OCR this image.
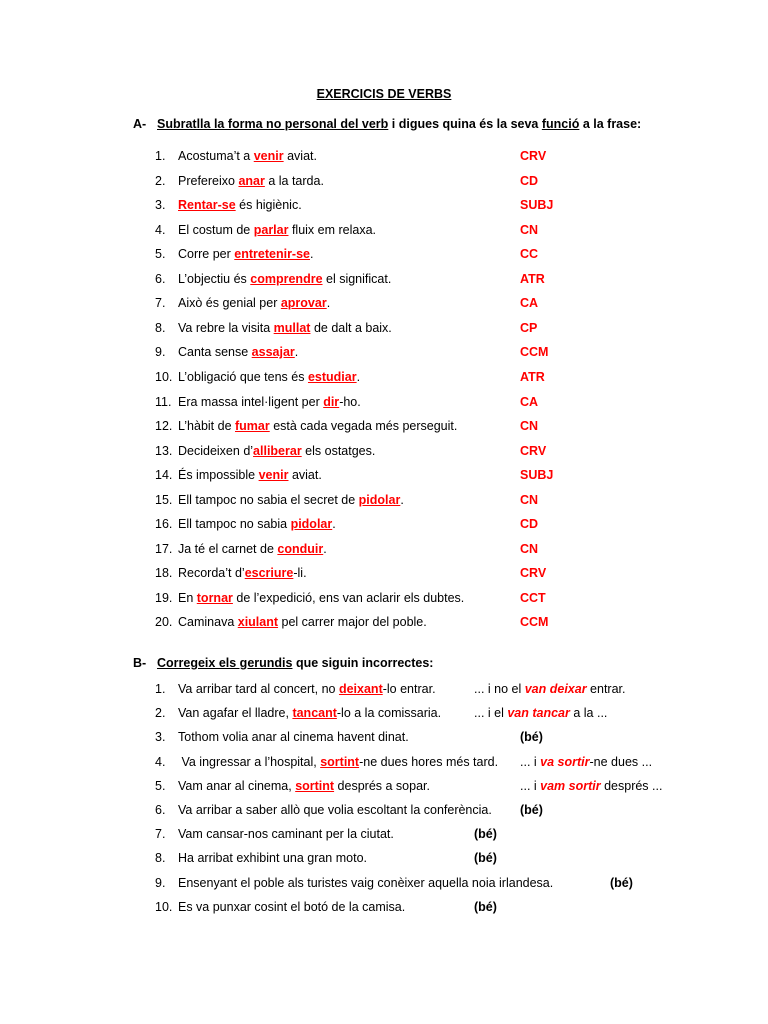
EXERCICIS DE VERBS
A- Subratlla la forma no personal del verb i digues quina és la seva funció a la frase:
1. Acostuma’t a venir aviat.	CRV
2. Prefereixo anar a la tarda.	CD
3. Rentar-se és higiènic.	SUBJ
4. El costum de parlar fluix em relaxa.	CN
5. Corre per entretenir-se.	CC
6. L’objectiu és comprendre el significat.	ATR
7. Això és genial per aprovar.	CA
8. Va rebre la visita mullat de dalt a baix.	CP
9. Canta sense assajar.	CCM
10. L’obligació que tens és estudiar.	ATR
11. Era massa intel·ligent per dir-ho.	CA
12. L’hàbit de fumar està cada vegada més perseguit.	CN
13. Decideixen d’alliberar els ostatges.	CRV
14. És impossible venir aviat.	SUBJ
15. Ell tampoc no sabia el secret de pidolar.	CN
16. Ell tampoc no sabia pidolar.	CD
17. Ja té el carnet de conduir.	CN
18. Recorda’t d’escriure-li.	CRV
19. En tornar de l’expedició, ens van aclarir els dubtes.	CCT
20. Caminava xiulant pel carrer major del poble.	CCM
B- Corregeix els gerundis que siguin incorrectes:
1. Va arribar tard al concert, no deixant-lo entrar.	... i no el van deixar entrar.
2. Van agafar el lladre, tancant-lo a la comissaria.	... i el van tancar a la ...
3. Tothom volia anar al cinema havent dinat.	(bé)
4. Va ingressar a l’hospital, sortint-ne dues hores més tard. ... i va sortir-ne dues ...
5. Vam anar al cinema, sortint després a sopar.	... i vam sortir després ...
6. Va arribar a saber allò que volia escoltant la conferència. (bé)
7. Vam cansar-nos caminant per la ciutat.	(bé)
8. Ha arribat exhibint una gran moto.	(bé)
9. Ensenyant el poble als turistes vaig conèixer aquella noia irlandesa.	(bé)
10. Es va punxar cosint el botó de la camisa.	(bé)
